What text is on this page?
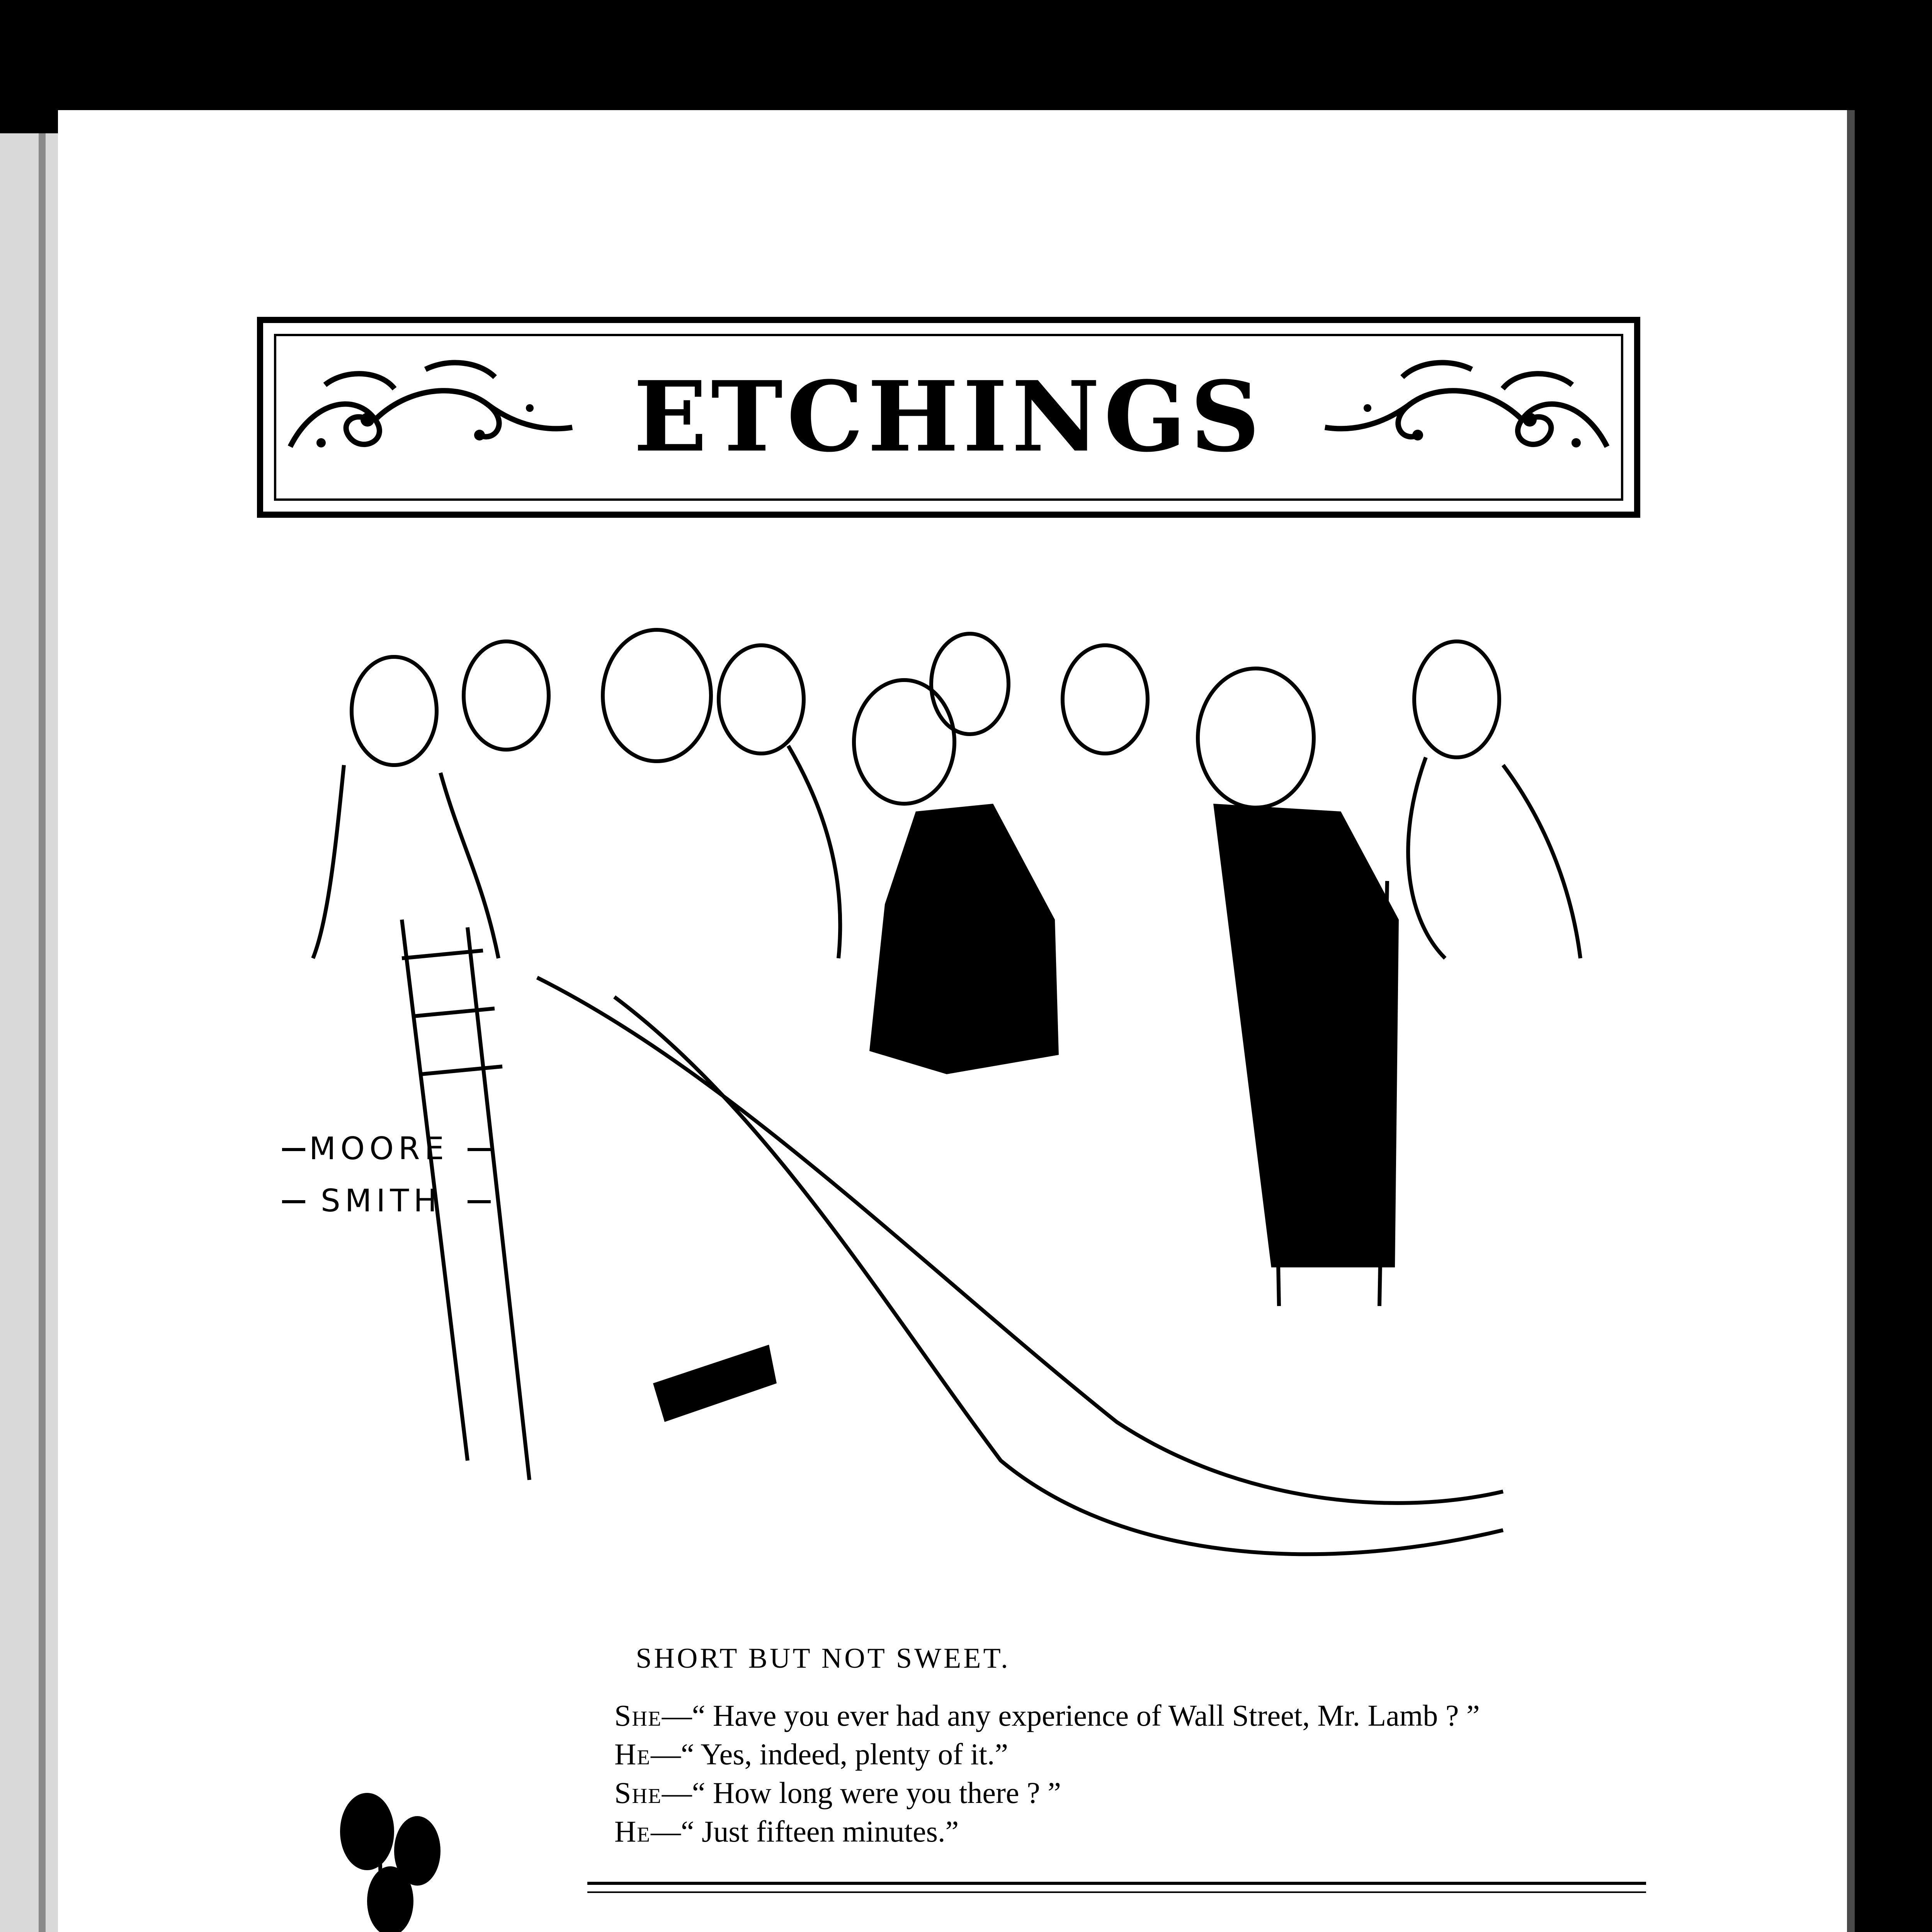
ETCHINGS
MOORE
SMITH
SHORT BUT NOT SWEET.
She—“ Have you ever had any experience of Wall Street, Mr. Lamb ? ”
He—“ Yes, indeed, plenty of it.”
She—“ How long were you there ? ”
He—“ Just fifteen minutes.”
